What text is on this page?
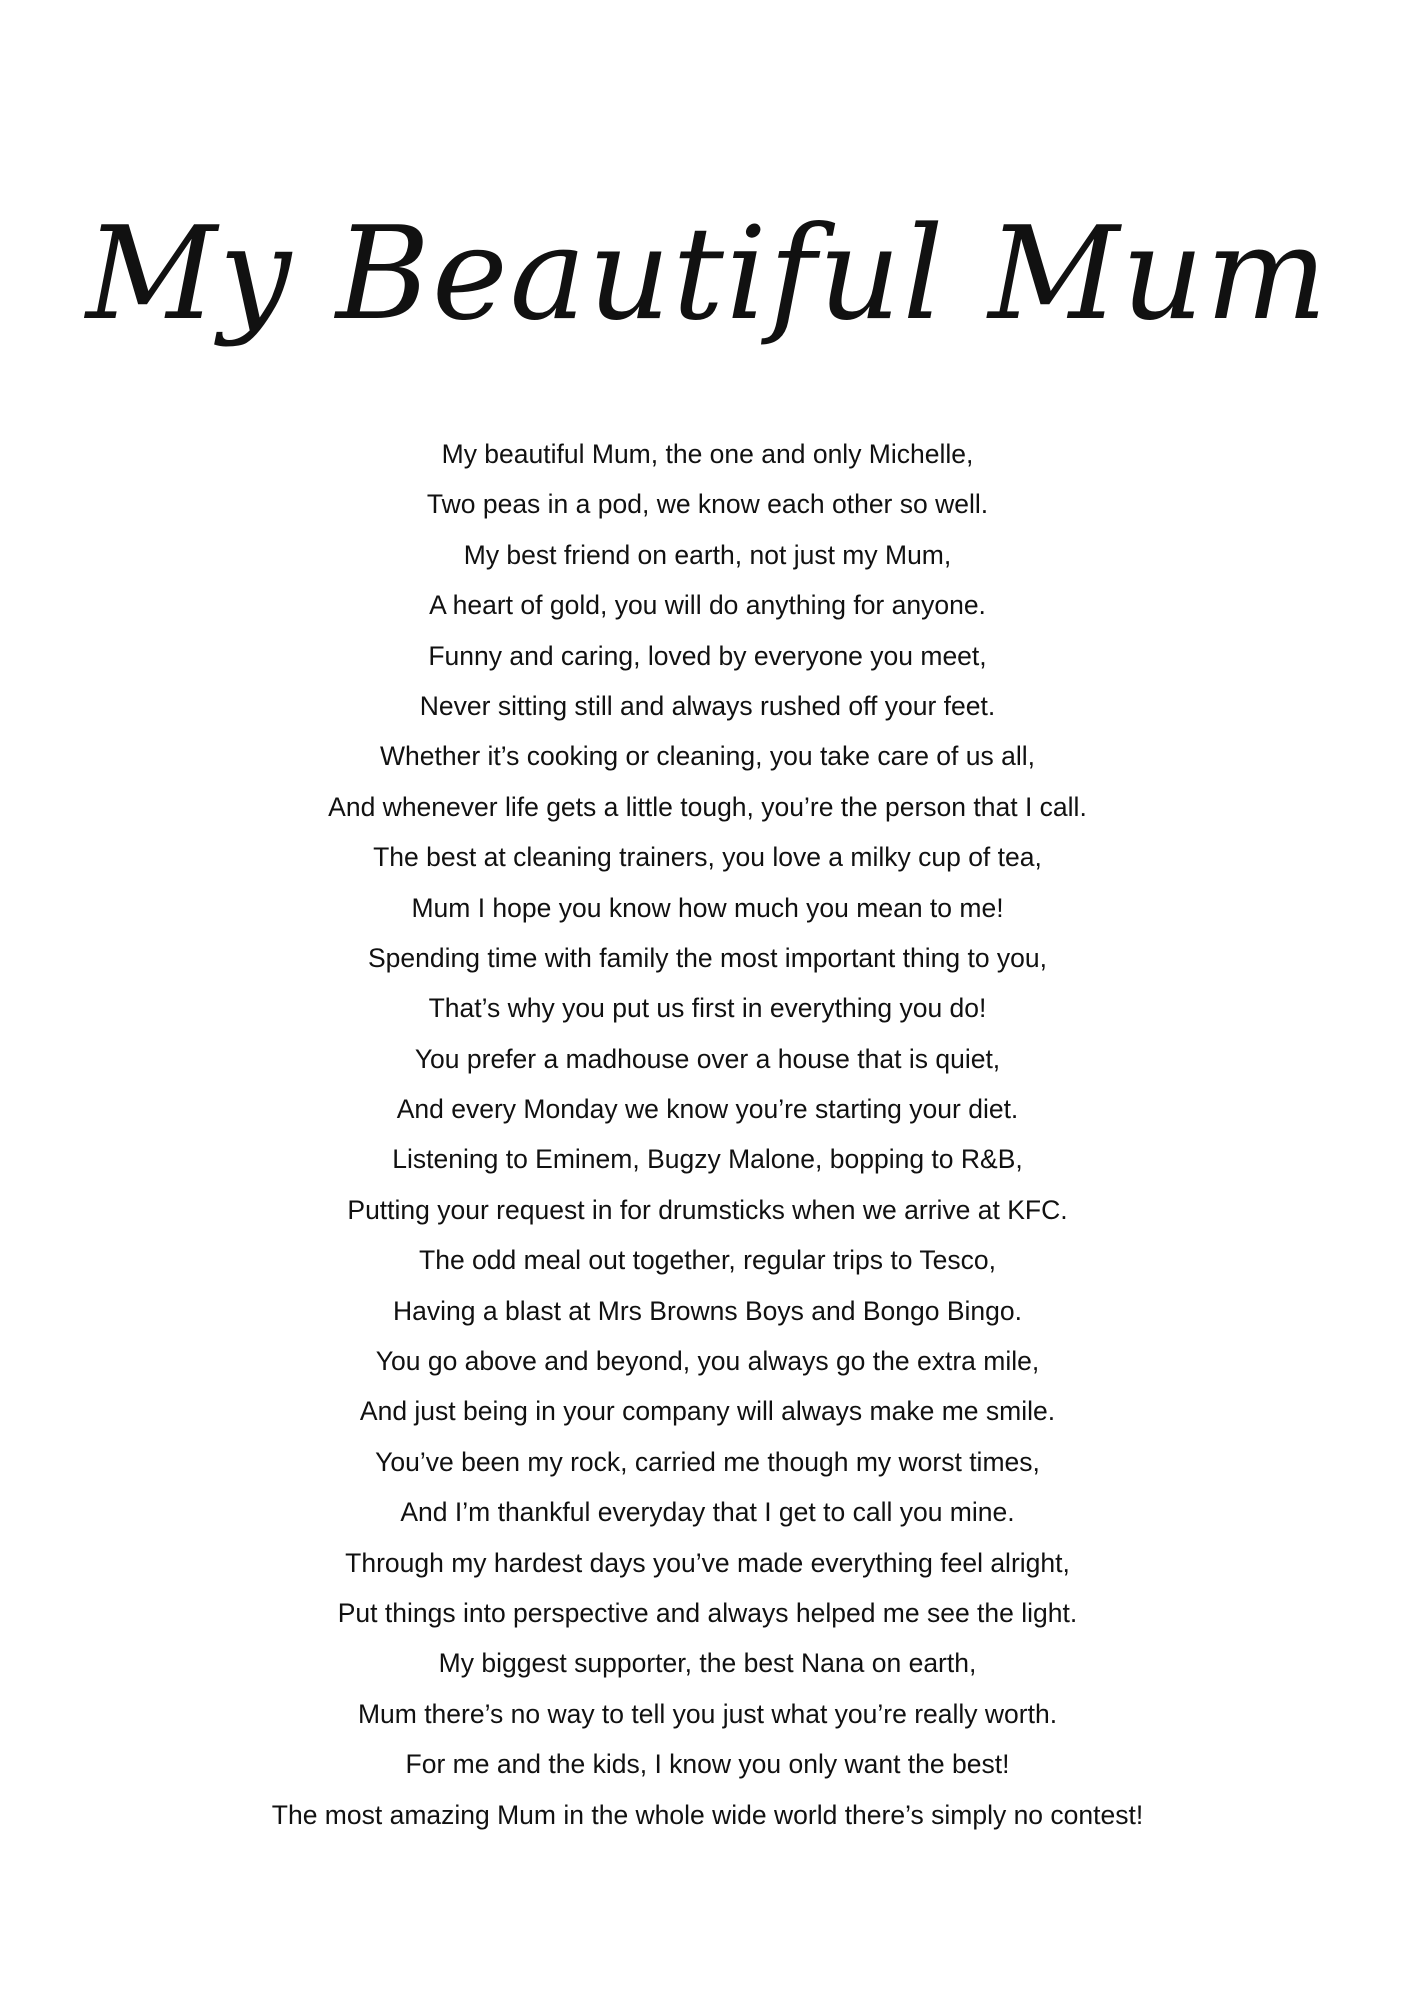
My Beautiful Mum
My beautiful Mum, the one and only Michelle,
Two peas in a pod, we know each other so well.
My best friend on earth, not just my Mum,
A heart of gold, you will do anything for anyone.
Funny and caring, loved by everyone you meet,
Never sitting still and always rushed off your feet.
Whether it’s cooking or cleaning, you take care of us all,
And whenever life gets a little tough, you’re the person that I call.
The best at cleaning trainers, you love a milky cup of tea,
Mum I hope you know how much you mean to me!
Spending time with family the most important thing to you,
That’s why you put us first in everything you do!
You prefer a madhouse over a house that is quiet,
And every Monday we know you’re starting your diet.
Listening to Eminem, Bugzy Malone, bopping to R&B,
Putting your request in for drumsticks when we arrive at KFC.
The odd meal out together, regular trips to Tesco,
Having a blast at Mrs Browns Boys and Bongo Bingo.
You go above and beyond, you always go the extra mile,
And just being in your company will always make me smile.
You’ve been my rock, carried me though my worst times,
And I’m thankful everyday that I get to call you mine.
Through my hardest days you’ve made everything feel alright,
Put things into perspective and always helped me see the light.
My biggest supporter, the best Nana on earth,
Mum there’s no way to tell you just what you’re really worth.
For me and the kids, I know you only want the best!
The most amazing Mum in the whole wide world there’s simply no contest!
